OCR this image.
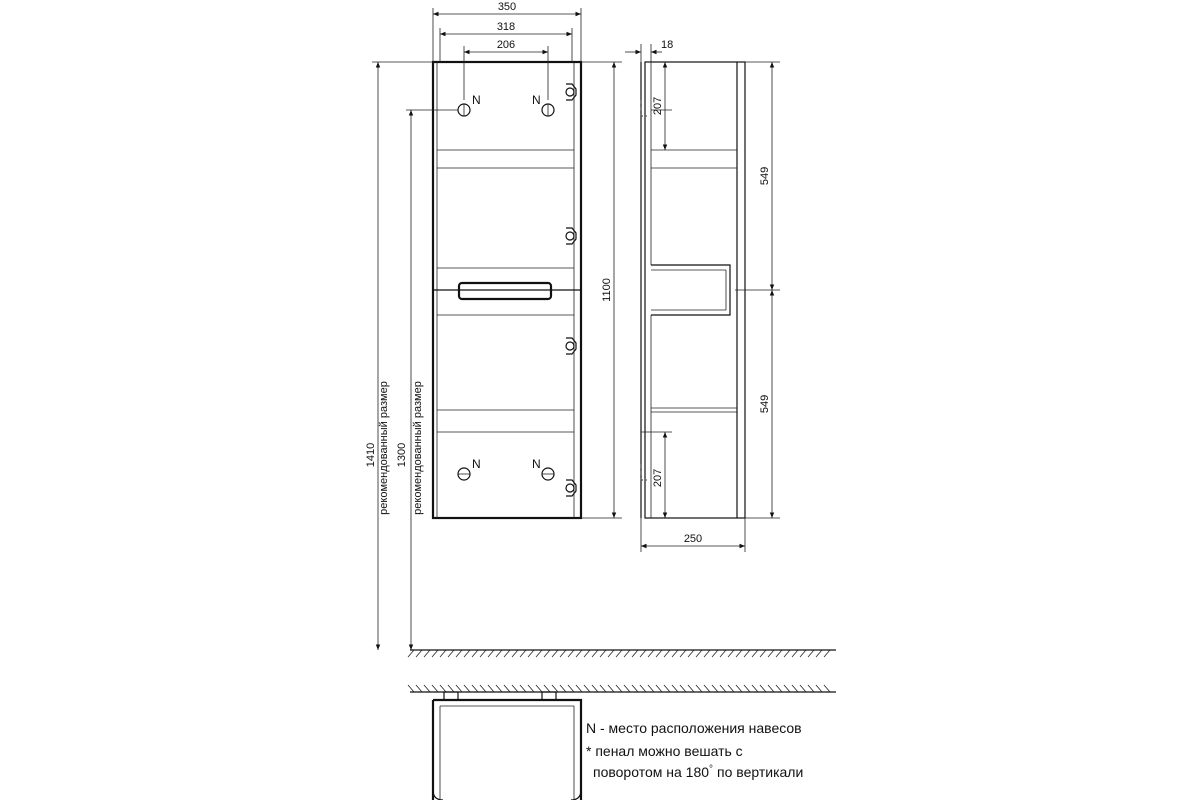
N	N
N	N
350
318
206
1100
1410 рекомендованный размер 1300 рекомендованный размер
18
207
207
549
549
250
N - место расположения навесов
* пенал можно вешать с
поворотом на 180° по вертикали
